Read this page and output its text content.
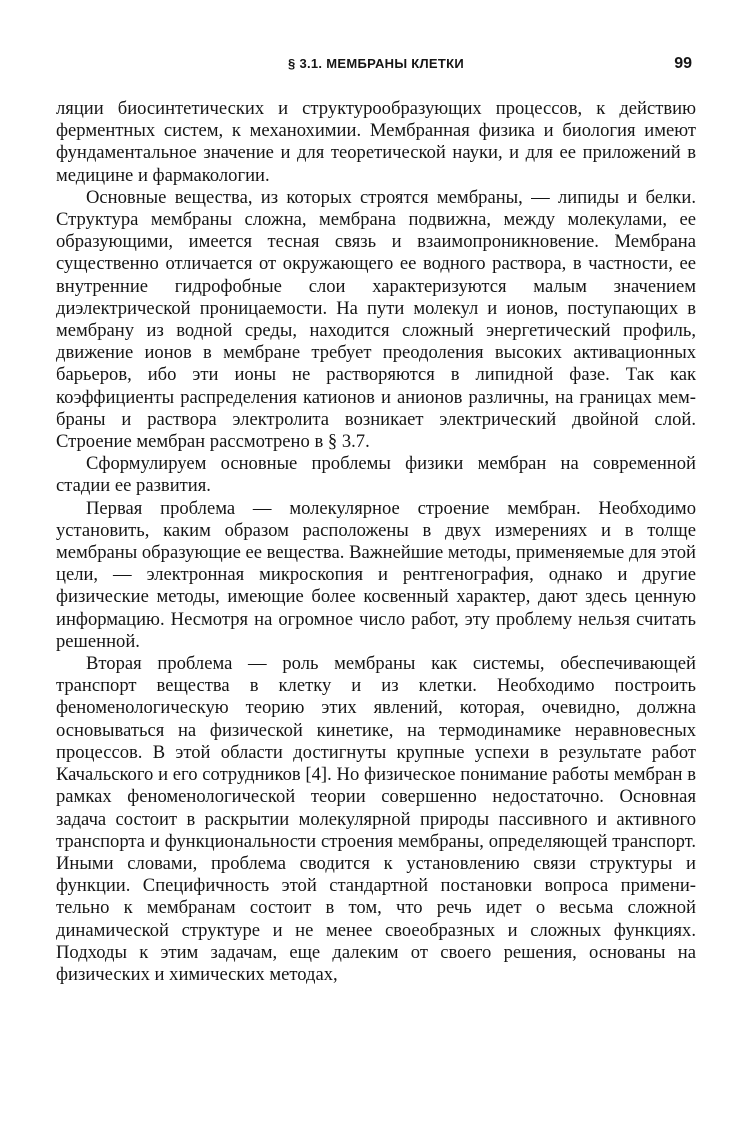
§ 3.1. МЕМБРАНЫ КЛЕТКИ	99

ляции биосинтетических и структурообразующих процессов, к действию ферментных систем, к механохимии. Мембранная физика и биология имеют фундаментальное значение и для теоретической науки, и для ее приложений в медицине и фармакологии.

Основные вещества, из которых строятся мембраны, — липиды и белки. Структура мембраны сложна, мембрана подвижна, между молекулами, ее образующими, имеется тесная связь и взаимопроникновение. Мембрана существенно отличается от окружающего ее водного раствора, в частности, ее внутренние гидрофобные слои характеризуются малым значением диэлектрической проницаемости. На пути молекул и ионов, поступающих в мембрану из водной среды, находится сложный энергетический профиль, движение ионов в мембране требует преодоления высоких активационных барьеров, ибо эти ионы не растворяются в липидной фазе. Так как коэффициенты распределения катионов и анионов различны, на границах мембраны и раствора электролита возникает электрический двойной слой. Строение мембран рассмотрено в § 3.7.

Сформулируем основные проблемы физики мембран на современной стадии ее развития.

Первая проблема — молекулярное строение мембран. Необходимо установить, каким образом расположены в двух измерениях и в толще мембраны образующие ее вещества. Важнейшие методы, применяемые для этой цели, — электронная микроскопия и рентгенография, однако и другие физические методы, имеющие более косвенный характер, дают здесь ценную информацию. Несмотря на огромное число работ, эту проблему нельзя считать решенной.

Вторая проблема — роль мембраны как системы, обеспечивающей транспорт вещества в клетку и из клетки. Необходимо построить феноменологическую теорию этих явлений, которая, очевидно, должна основываться на физической кинетике, на термодинамике неравновесных процессов. В этой области достигнуты крупные успехи в результате работ Качальского и его сотрудников [4]. Но физическое понимание работы мембран в рамках феноменологической теории совершенно недостаточно. Основная задача состоит в раскрытии молекулярной природы пассивного и активного транспорта и функциональности строения мембраны, определяющей транспорт. Иными словами, проблема сводится к установлению связи структуры и функции. Специфичность этой стандартной постановки вопроса применительно к мембранам состоит в том, что речь идет о весьма сложной динамической структуре и не менее своеобразных и сложных функциях. Подходы к этим задачам, еще далеким от своего решения, основаны на физических и химических методах,
